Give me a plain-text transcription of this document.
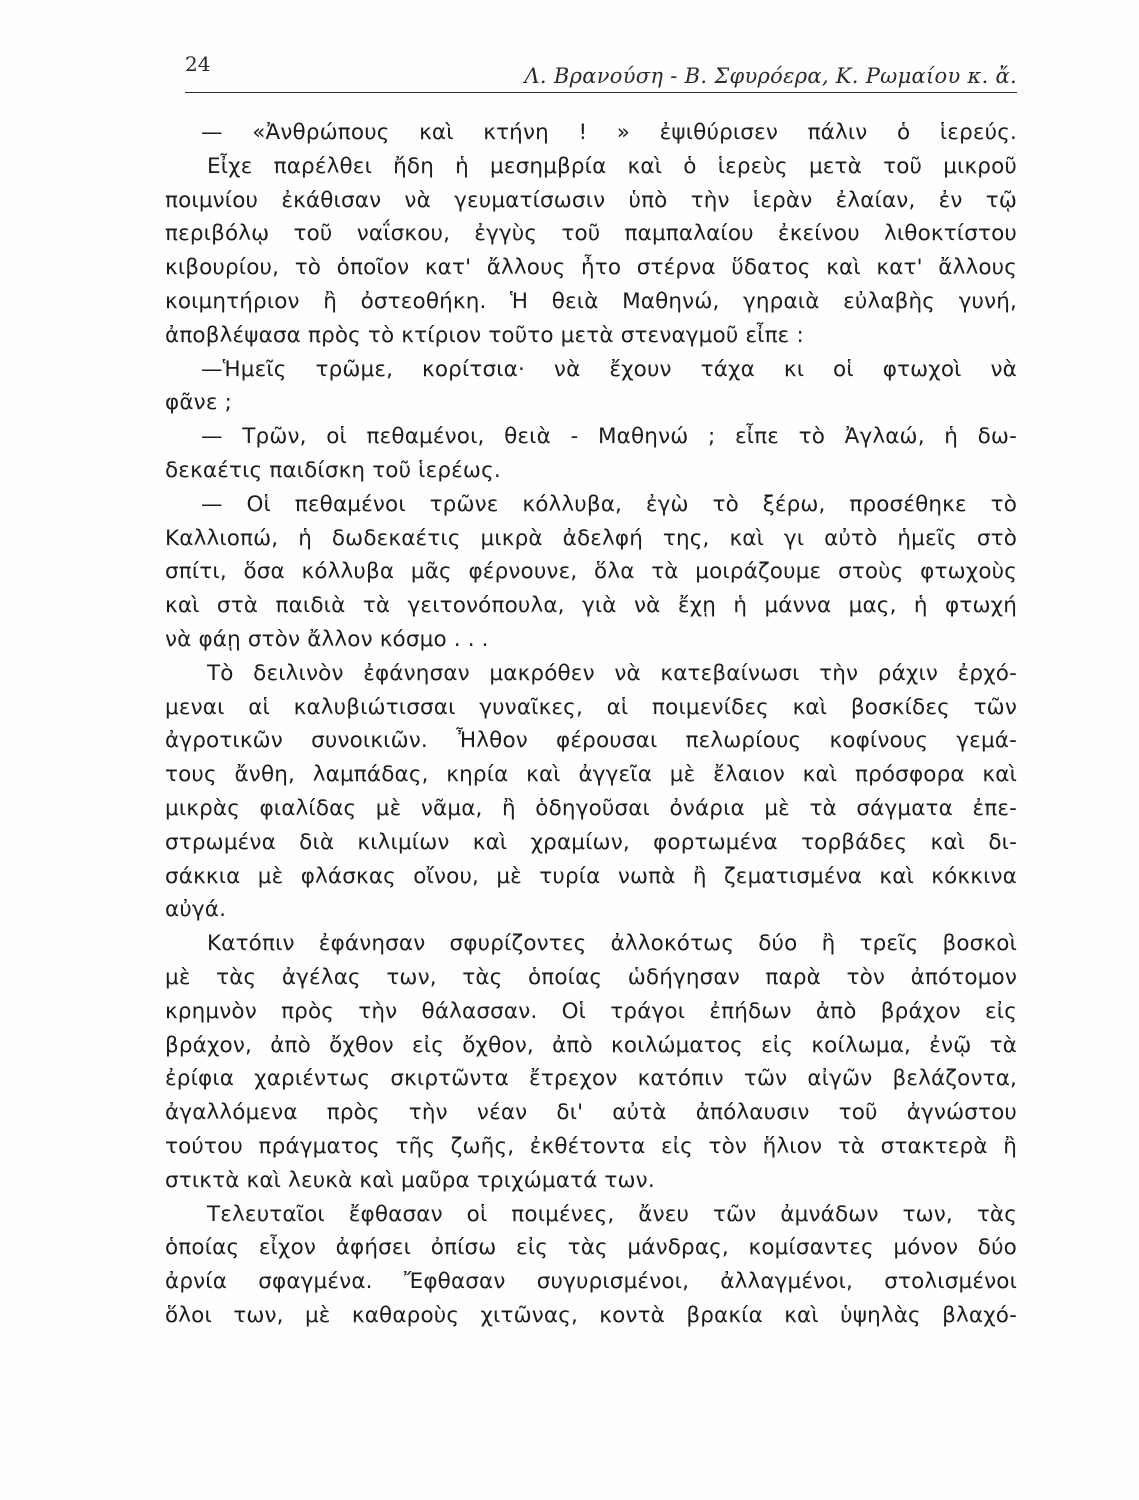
24	Λ. Βρανούση - Β. Σφυρόερα, Κ. Ρωμαίου κ. ἄ.
— «Ἀνθρώπους καὶ κτήνη ! » ἐψιθύρισεν πάλιν ὁ ἱερεύς.
Εἶχε παρέλθει ἤδη ἡ μεσημβρία καὶ ὁ ἱερεὺς μετὰ τοῦ μικροῦ
ποιμνίου ἐκάθισαν νὰ γευματίσωσιν ὑπὸ τὴν ἱερὰν ἐλαίαν, ἐν τῷ
περιβόλῳ τοῦ ναΐσκου, ἐγγὺς τοῦ παμπαλαίου ἐκείνου λιθοκτίστου
κιβουρίου, τὸ ὁποῖον κατ' ἄλλους ἦτο στέρνα ὕδατος καὶ κατ' ἄλλους
κοιμητήριον ἢ ὀστεοθήκη. Ἡ θειὰ Μαθηνώ, γηραιὰ εὐλαβὴς γυνή,
ἀποβλέψασα πρὸς τὸ κτίριον τοῦτο μετὰ στεναγμοῦ εἶπε :
—Ἡμεῖς τρῶμε, κορίτσια· νὰ ἔχουν τάχα κι οἱ φτωχοὶ νὰ
φᾶνε ;
— Τρῶν, οἱ πεθαμένοι, θειὰ - Μαθηνώ ; εἶπε τὸ Ἀγλαώ, ἡ δω-
δεκαέτις παιδίσκη τοῦ ἱερέως.
— Οἱ πεθαμένοι τρῶνε κόλλυβα, ἐγὼ τὸ ξέρω, προσέθηκε τὸ
Καλλιοπώ, ἡ δωδεκαέτις μικρὰ ἀδελφή της, καὶ γι αὐτὸ ἡμεῖς στὸ
σπίτι, ὅσα κόλλυβα μᾶς φέρνουνε, ὅλα τὰ μοιράζουμε στοὺς φτωχοὺς
καὶ στὰ παιδιὰ τὰ γειτονόπουλα, γιὰ νὰ ἔχῃ ἡ μάννα μας, ἡ φτωχή
νὰ φάῃ στὸν ἄλλον κόσμο . . .
Τὸ δειλινὸν ἐφάνησαν μακρόθεν νὰ κατεβαίνωσι τὴν ράχιν ἐρχό-
μεναι αἱ καλυβιώτισσαι γυναῖκες, αἱ ποιμενίδες καὶ βοσκίδες τῶν
ἀγροτικῶν συνοικιῶν. Ἦλθον φέρουσαι πελωρίους κοφίνους γεμά-
τους ἄνθη, λαμπάδας, κηρία καὶ ἀγγεῖα μὲ ἔλαιον καὶ πρόσφορα καὶ
μικρὰς φιαλίδας μὲ νᾶμα, ἢ ὁδηγοῦσαι ὀνάρια μὲ τὰ σάγματα ἐπε-
στρωμένα διὰ κιλιμίων καὶ χραμίων, φορτωμένα τορβάδες καὶ δι-
σάκκια μὲ φλάσκας οἴνου, μὲ τυρία νωπὰ ἢ ζεματισμένα καὶ κόκκινα
αὐγά.
Κατόπιν ἐφάνησαν σφυρίζοντες ἀλλοκότως δύο ἢ τρεῖς βοσκοὶ
μὲ τὰς ἀγέλας των, τὰς ὁποίας ὡδήγησαν παρὰ τὸν ἀπότομον
κρημνὸν πρὸς τὴν θάλασσαν. Οἱ τράγοι ἐπήδων ἀπὸ βράχον εἰς
βράχον, ἀπὸ ὄχθον εἰς ὄχθον, ἀπὸ κοιλώματος εἰς κοίλωμα, ἐνῷ τὰ
ἐρίφια χαριέντως σκιρτῶντα ἔτρεχον κατόπιν τῶν αἰγῶν βελάζοντα,
ἀγαλλόμενα πρὸς τὴν νέαν δι' αὐτὰ ἀπόλαυσιν τοῦ ἀγνώστου
τούτου πράγματος τῆς ζωῆς, ἐκθέτοντα εἰς τὸν ἥλιον τὰ στακτερὰ ἢ
στικτὰ καὶ λευκὰ καὶ μαῦρα τριχώματά των.
Τελευταῖοι ἔφθασαν οἱ ποιμένες, ἄνευ τῶν ἀμνάδων των, τὰς
ὁποίας εἶχον ἀφήσει ὀπίσω εἰς τὰς μάνδρας, κομίσαντες μόνον δύο
ἀρνία σφαγμένα. Ἔφθασαν συγυρισμένοι, ἀλλαγμένοι, στολισμένοι
ὅλοι των, μὲ καθαροὺς χιτῶνας, κοντὰ βρακία καὶ ὑψηλὰς βλαχό-
